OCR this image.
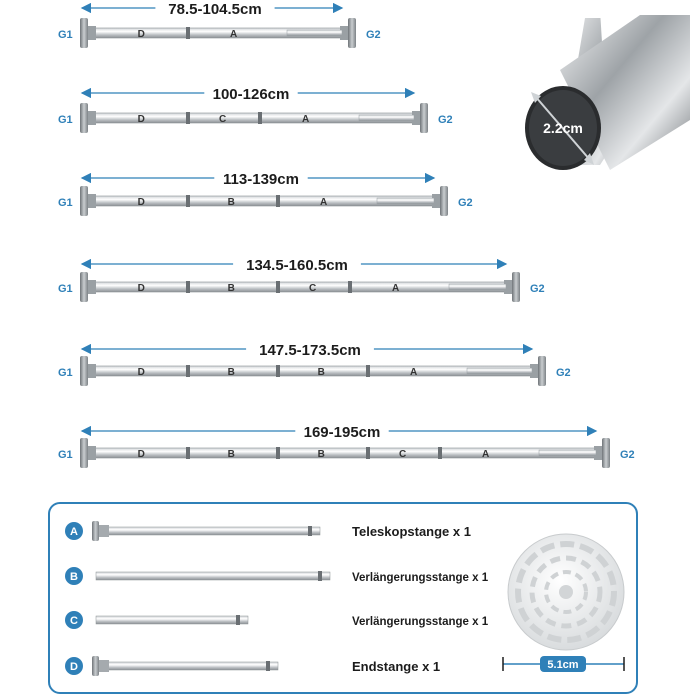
78.5-104.5cm
G1	G2
D	A
100-126cm
G1	G2
D	C	A
113-139cm
G1	G2
D	B	A
134.5-160.5cm
G1	G2
D	B	C	A
147.5-173.5cm
G1	G2
D	B	B	A
169-195cm
G1	G2
D	B	B	C	A
2.2cm
A	Teleskopstange x 1
B	Verlängerungsstange x 1
C	Verlängerungsstange x 1
D	Endstange x 1	5.1cm
